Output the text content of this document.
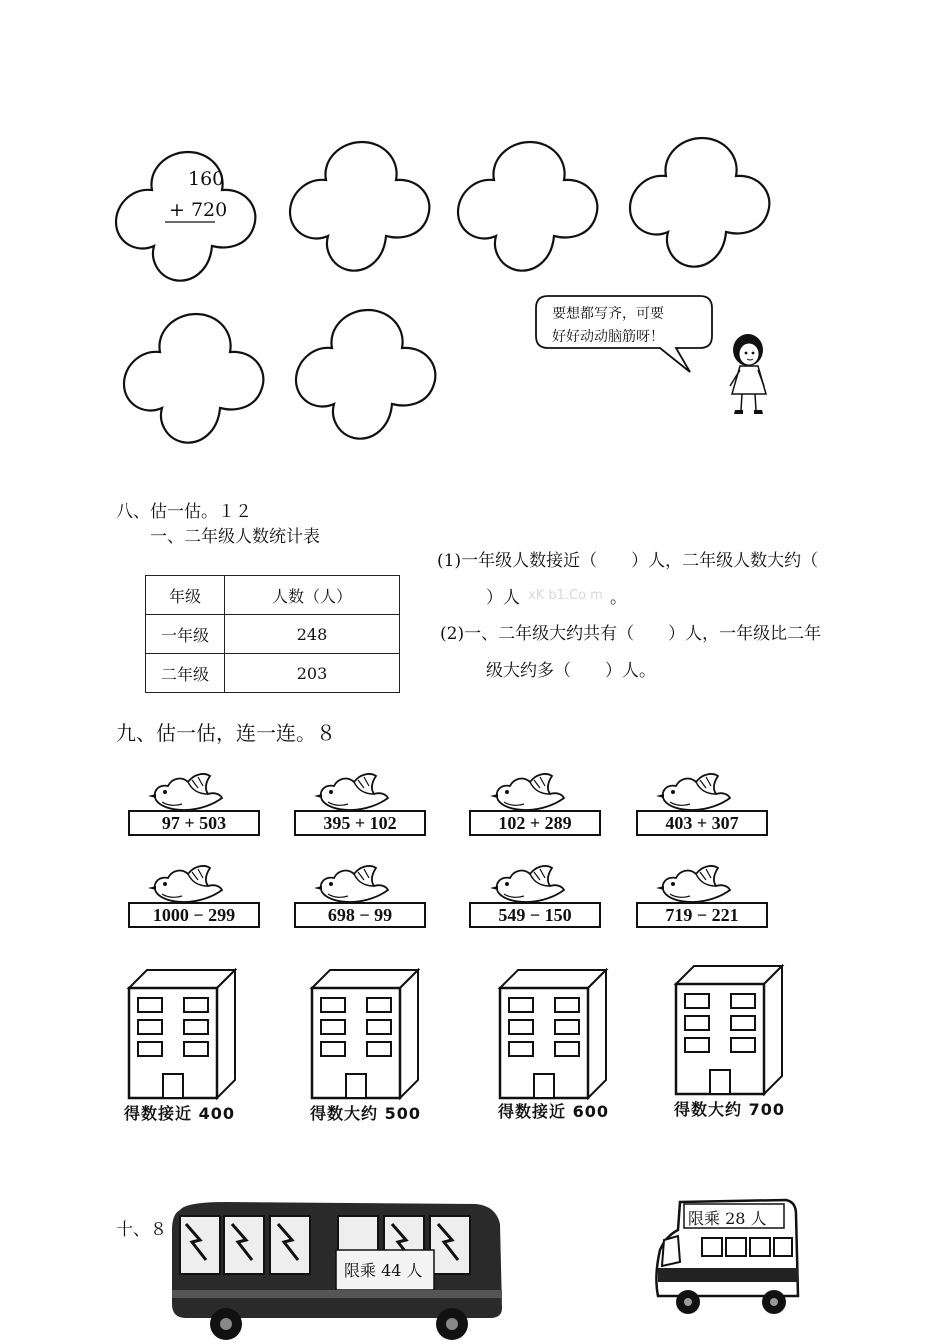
160
+ 720
要想都写齐，可要
好好动动脑筋呀！
八、估一估。１２
一、二年级人数统计表
年级	人数（人）
一年级	248
二年级	203
(1)一年级人数接近（　　）人，二年级人数大约（
）人 xK b1.Co m 。
(2)一、二年级大约共有（　　）人，一年级比二年
级大约多（　　）人。
九、估一估，连一连。８
97 + 503	395 + 102	102 + 289	403 + 307
1000 − 299	698 − 99	549 − 150	719 − 221
得数接近 400	得数大约 500	得数接近 600	得数大约 700
十、８
限乘 44 人
限乘 28 人
